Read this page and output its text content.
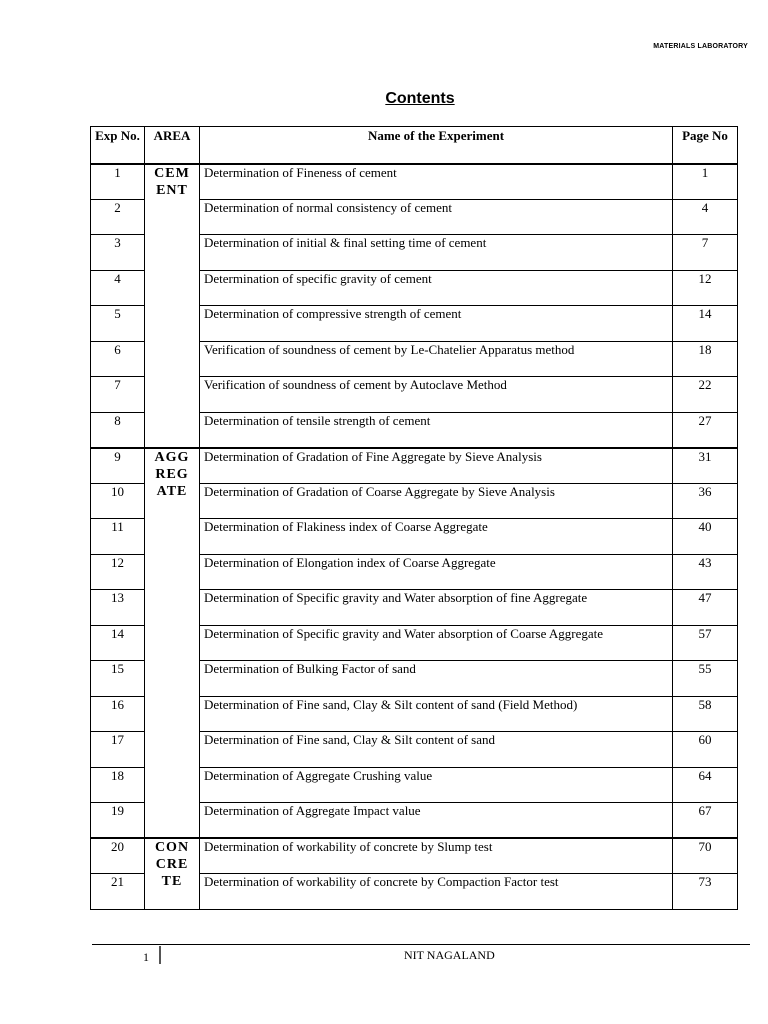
MATERIALS LABORATORY
Contents
Exp No.	AREA	Name of the Experiment	Page No
1	CEM ENT	Determination of Fineness of cement	1
2		Determination of normal consistency of cement	4
3		Determination of initial & final setting time of cement	7
4		Determination of specific gravity of cement	12
5		Determination of compressive strength of cement	14
6		Verification of soundness of cement by Le-Chatelier Apparatus method	18
7		Verification of soundness of cement by Autoclave Method	22
8		Determination of tensile strength of cement	27
9	AGG REG ATE	Determination of Gradation of Fine Aggregate by Sieve Analysis	31
10		Determination of Gradation of Coarse Aggregate by Sieve Analysis	36
11		Determination of Flakiness index of Coarse Aggregate	40
12		Determination of Elongation index of Coarse Aggregate	43
13		Determination of Specific gravity and Water absorption of fine Aggregate	47
14		Determination of Specific gravity and Water absorption of Coarse Aggregate	57
15		Determination of Bulking Factor of sand	55
16		Determination of Fine sand, Clay & Silt content of sand (Field Method)	58
17		Determination of Fine sand, Clay & Silt content of sand	60
18		Determination of Aggregate Crushing value	64
19		Determination of Aggregate Impact value	67
20	CON CRE TE	Determination of workability of concrete by Slump test	70
21		Determination of workability of concrete by Compaction Factor test	73
1	NIT NAGALAND
